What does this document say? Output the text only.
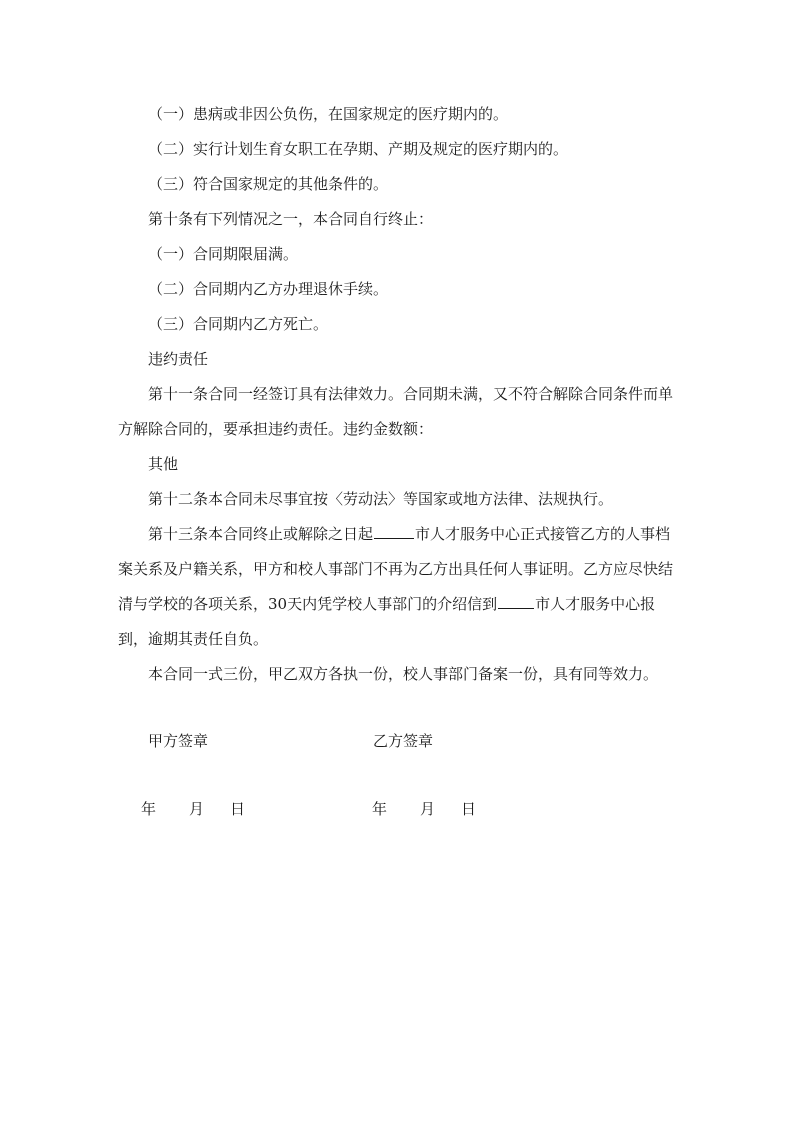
（一）患病或非因公负伤，在国家规定的医疗期内的。

（二）实行计划生育女职工在孕期、产期及规定的医疗期内的。

（三）符合国家规定的其他条件的。

第十条有下列情况之一，本合同自行终止：

（一）合同期限届满。

（二）合同期内乙方办理退休手续。

（三）合同期内乙方死亡。

违约责任

第十一条合同一经签订具有法律效力。合同期未满，又不符合解除合同条件而单方解除合同的，要承担违约责任。违约金数额：

其他

第十二条本合同未尽事宜按〈劳动法〉等国家或地方法律、法规执行。

第十三条本合同终止或解除之日起	市人才服务中心正式接管乙方的人事档案关系及户籍关系，甲方和校人事部门不再为乙方出具任何人事证明。乙方应尽快结清与学校的各项关系，30天内凭学校人事部门的介绍信到	市人才服务中心报到，逾期其责任自负。

本合同一式三份，甲乙双方各执一份，校人事部门备案一份，具有同等效力。

甲方签章	乙方签章
年 月 日	年 月 日
